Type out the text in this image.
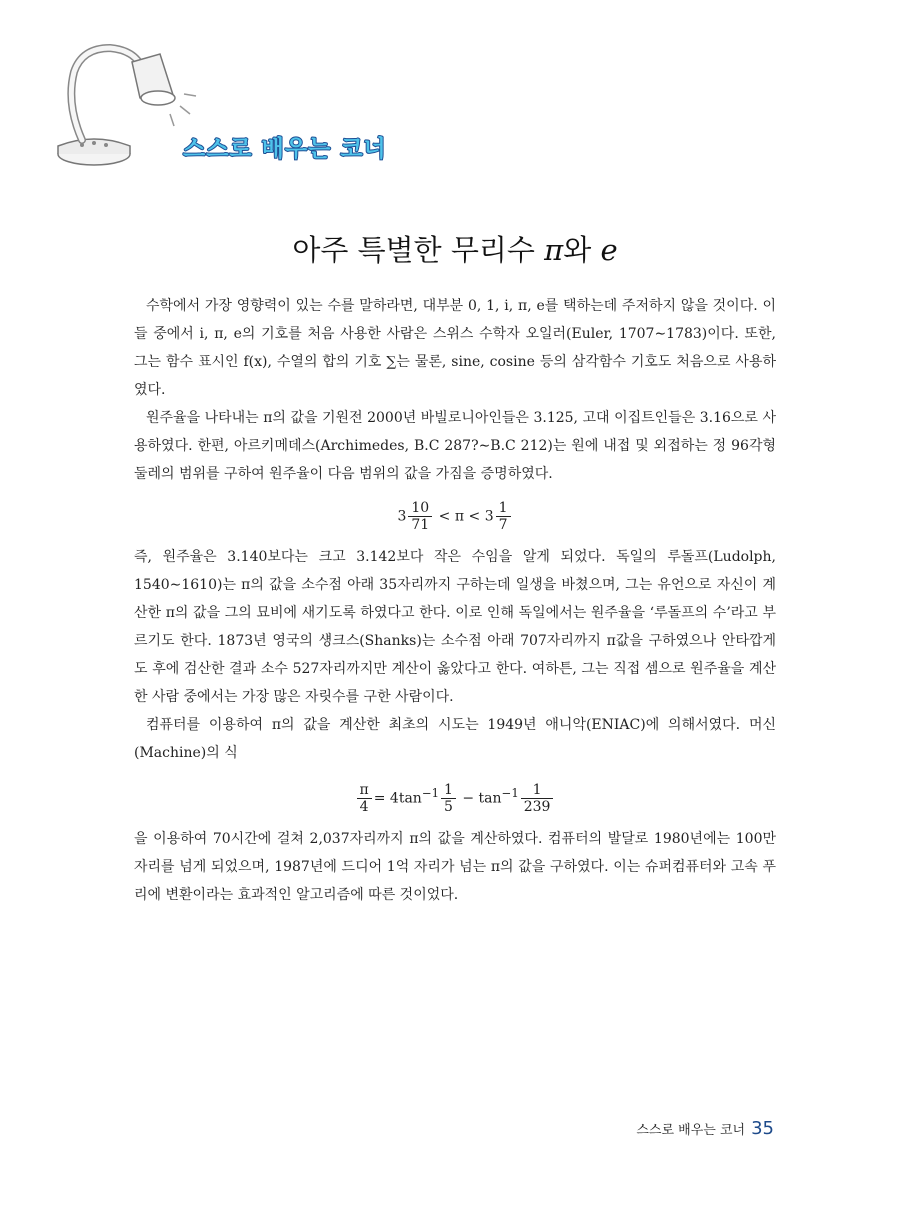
스스로 배우는 코너
아주 특별한 무리수 π와 e

수학에서 가장 영향력이 있는 수를 말하라면, 대부분 0, 1, i, π, e를 택하는데 주저하지 않을 것이다. 이들 중에서 i, π, e의 기호를 처음 사용한 사람은 스위스 수학자 오일러(Euler, 1707∼1783)이다. 또한, 그는 함수 표시인 f(x), 수열의 합의 기호 ∑는 물론, sine, cosine 등의 삼각함수 기호도 처음으로 사용하였다.

원주율을 나타내는 π의 값을 기원전 2000년 바빌로니아인들은 3.125, 고대 이집트인들은 3.16으로 사용하였다. 한편, 아르키메데스(Archimedes, B.C 287?∼B.C 212)는 원에 내접 및 외접하는 정 96각형 둘레의 범위를 구하여 원주율이 다음 범위의 값을 가짐을 증명하였다.

$3 \frac{10}{71} < \pi < 3 \frac{1}{7}$

즉, 원주율은 3.140보다는 크고 3.142보다 작은 수임을 알게 되었다. 독일의 루돌프(Ludolph, 1540∼1610)는 π의 값을 소수점 아래 35자리까지 구하는데 일생을 바쳤으며, 그는 유언으로 자신이 계산한 π의 값을 그의 묘비에 새기도록 하였다고 한다. 이로 인해 독일에서는 원주율을 ‘루돌프의 수’라고 부르기도 한다. 1873년 영국의 섕크스(Shanks)는 소수점 아래 707자리까지 π값을 구하였으나 안타깝게도 후에 검산한 결과 소수 527자리까지만 계산이 옳았다고 한다. 여하튼, 그는 직접 셈으로 원주율을 계산한 사람 중에서는 가장 많은 자릿수를 구한 사람이다.

컴퓨터를 이용하여 π의 값을 계산한 최초의 시도는 1949년 애니악(ENIAC)에 의해서였다. 머신(Machine)의 식

$\frac{\pi}{4} = 4\tan^{-1} \frac{1}{5} - \tan^{-1} \frac{1}{239}$

을 이용하여 70시간에 걸쳐 2,037자리까지 π의 값을 계산하였다. 컴퓨터의 발달로 1980년에는 100만 자리를 넘게 되었으며, 1987년에 드디어 1억 자리가 넘는 π의 값을 구하였다. 이는 슈퍼컴퓨터와 고속 푸리에 변환이라는 효과적인 알고리즘에 따른 것이었다.

스스로 배우는 코너 35
